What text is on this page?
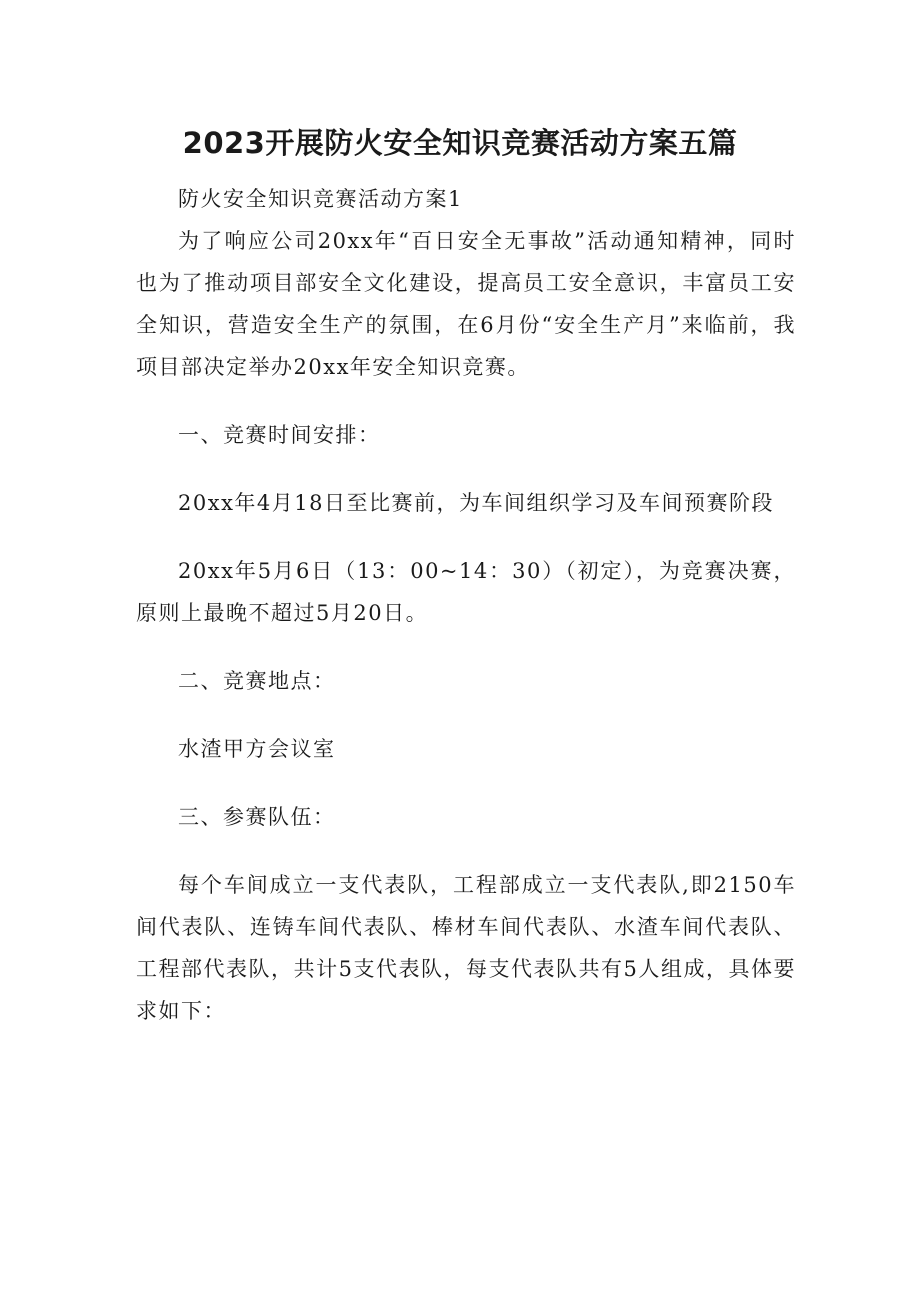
2023开展防火安全知识竞赛活动方案五篇

防火安全知识竞赛活动方案1

为了响应公司20xx年“百日安全无事故”活动通知精神，同时也为了推动项目部安全文化建设，提高员工安全意识，丰富员工安全知识，营造安全生产的氛围，在6月份“安全生产月”来临前，我项目部决定举办20xx年安全知识竞赛。

一、竞赛时间安排：

20xx年4月18日至比赛前，为车间组织学习及车间预赛阶段

20xx年5月6日（13：00~14：30）（初定），为竞赛决赛，原则上最晚不超过5月20日。

二、竞赛地点：

水渣甲方会议室

三、参赛队伍：

每个车间成立一支代表队，工程部成立一支代表队,即2150车间代表队、连铸车间代表队、棒材车间代表队、水渣车间代表队、工程部代表队，共计5支代表队，每支代表队共有5人组成，具体要求如下：
